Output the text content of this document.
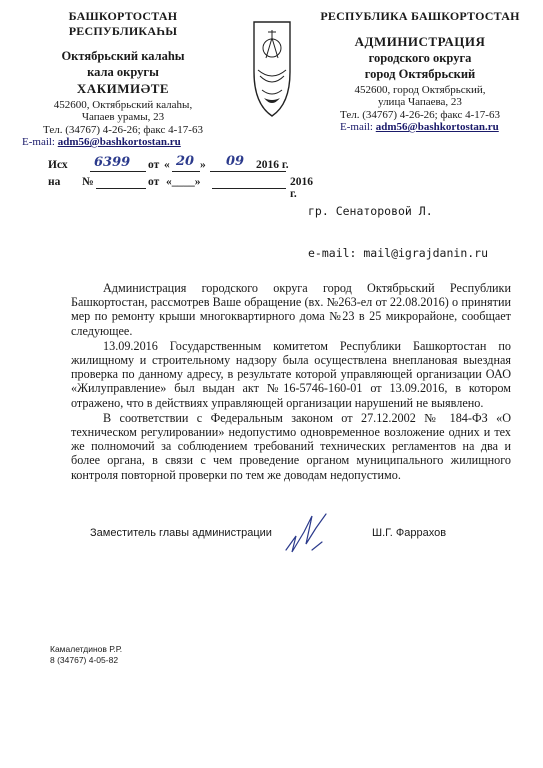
БАШКОРТОСТАН РЕСПУБЛИКАҺЫ
Октябрьский калаһы
кала округы
ХАКИМИӘТЕ
452600, Октябрьский калаһы,
Чапаев урамы, 23
Тел. (34767) 4-26-26; факс 4-17-63
E-mail: adm56@bashkortostan.ru
РЕСПУБЛИКА БАШКОРТОСТАН
АДМИНИСТРАЦИЯ
городского округа
город Октябрьский
452600, город Октябрьский,
улица Чапаева, 23
Тел. (34767) 4-26-26; факс 4-17-63
E-mail: adm56@bashkortostan.ru
Исх 6399 от « 20 » 09 2016 г.
на №	от «____»	2016 г.
гр. Сенаторовой Л.
e-mail: mail@igrajdanin.ru

Администрация городского округа город Октябрьский Республики Башкортостан, рассмотрев Ваше обращение (вх. №263-ел от 22.08.2016) о принятии мер по ремонту крыши многоквартирного дома №23 в 25 микрорайоне, сообщает следующее.

13.09.2016 Государственным комитетом Республики Башкортостан по жилищному и строительному надзору была осуществлена внеплановая выездная проверка по данному адресу, в результате которой управляющей организации ОАО «Жилуправление» был выдан акт №16-5746-160-01 от 13.09.2016, в котором отражено, что в действиях управляющей организации нарушений не выявлено.

В соответствии с Федеральным законом от 27.12.2002 № 184-ФЗ «О техническом регулировании» недопустимо одновременное возложение одних и тех же полномочий за соблюдением требований технических регламентов на два и более органа, в связи с чем проведение органом муниципального жилищного контроля повторной проверки по тем же доводам недопустимо.

Заместитель главы администрации	Ш.Г. Фаррахов
Камалетдинов Р.Р.
8 (34767) 4-05-82
